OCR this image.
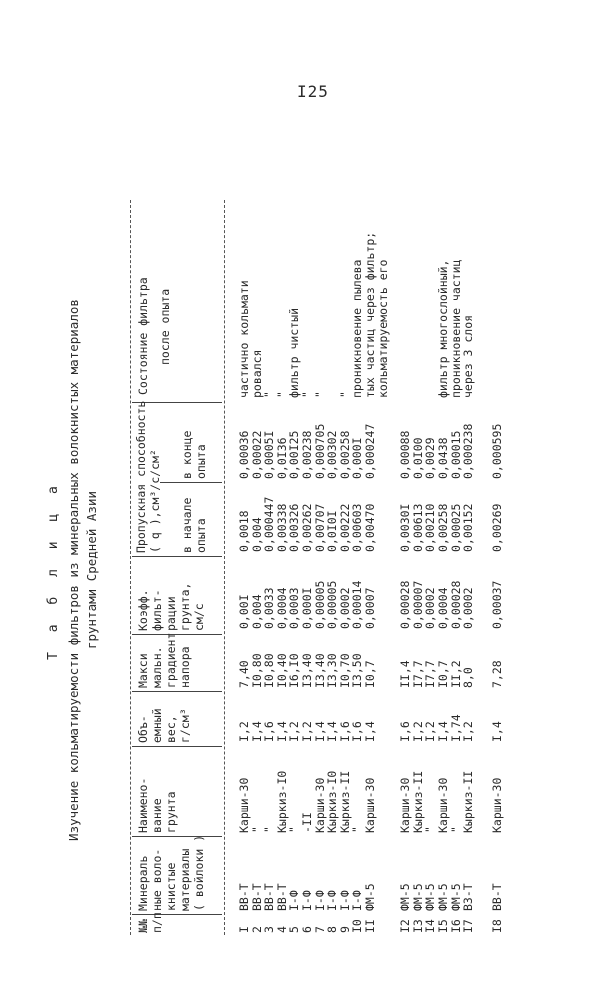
I25
Т а б л и ц а Изучение кольматируемости фильтров из минеральных волокнистых материалов грунтами Средней Азии
№№
п/п
Минераль
ные воло-
книстые
материалы
( войлоки )
Наимено-
вание
грунта
Объ-
емный
вес,
г/см³
Макси
мальн.
градиент
напора
Коэфф.
фильт-
рации
грунта,
см/с
Пропускная способность
( q ),см³/с/см²
в начале
опыта
в конце
опыта
Состояние фильтра после опыта
I
ВВ-Т
Карши-30
I,2
7,40
0,00I
0,0018
0,00036
частично кольмати
2
ВВ-Т
"
I,4
I0,80
0,004
0,004
0,00022
ровался
3
ВВ-Т
"
I,6
I0,80
0,0033
0,000447
0,0005I
"
4
ВВ-Т
Кыркиз-I0
I,4
I0,40
0,0004
0,00338
0,0I36
"
5
I-Ф
"
I,2
I6,I0
0,0003
0,00326
0,00I25
фильтр чистый
6
I-Ф
-II
I,2
I3,40
0,000I
0,00262
0,00238
"
7
I-Ф
Карши-30
I,4
I3,40
0,00005
0,00707
0,000705
"
8
I-Ф
Кыркиз-I0
I,4
I3,30
0,00005
0,0I0I
0,00302
9
I-Ф
Кыркиз-II
I,6
I0,70
0,0002
0,00222
0,00258
"
I0
I-Ф
"
I,6
I3,50
0,00014
0,00603
0,000I
проникновение пылева
II
ФМ-5
Карши-30
I,4
I0,7
0,0007
0,00470
0,000247
тых частиц через фильтр;
кольматируемость его
I2
ФМ-5
Карши-30
I,6
II,4
0,00028
0,0030I
0,00088
I3
ФМ-5
Кыркиз-II
I,2
I7,7
0,00007
0,00613
0,0I00
I4
ФМ-5
"
I,2
I7,7
0,0002
0,00210
0,0029
I5
ФМ-5
Карши-30
I,4
I0,7
0,0004
0,00258
0,0438
фильтр многослойный,
I6
ФМ-5
"
I,74
II,2
0,00028
0,00025
0,00015
проникновение частиц
I7
ВЗ-Т
Кыркиз-II
I,2
8,0
0,0002
0,00152
0,000238
через 3 слоя
I8
ВВ-Т
Карши-30
I,4
7,28
0,00037
0,00269
0,000595
